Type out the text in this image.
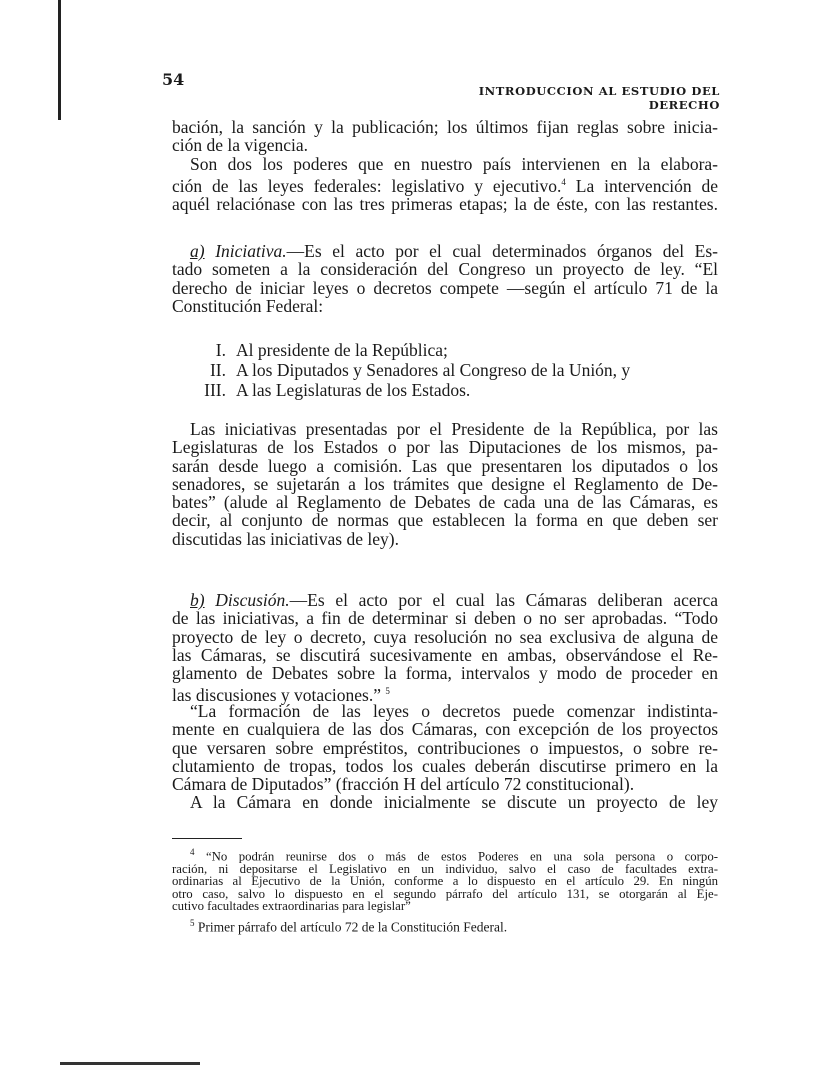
54
INTRODUCCION AL ESTUDIO DEL DERECHO
bación, la sanción y la publicación; los últimos fijan reglas sobre inicia-
ción de la vigencia.
Son dos los poderes que en nuestro país intervienen en la elabora-
ción de las leyes federales: legislativo y ejecutivo.$^4$ La intervención de
aquél relaciónase con las tres primeras etapas; la de éste, con las restantes.
a) Iniciativa.—Es el acto por el cual determinados órganos del Es-
tado someten a la consideración del Congreso un proyecto de ley. “El
derecho de iniciar leyes o decretos compete —según el artículo 71 de la
Constitución Federal:
I. Al presidente de la República;
II. A los Diputados y Senadores al Congreso de la Unión, y
III. A las Legislaturas de los Estados.
Las iniciativas presentadas por el Presidente de la República, por las
Legislaturas de los Estados o por las Diputaciones de los mismos, pa-
sarán desde luego a comisión. Las que presentaren los diputados o los
senadores, se sujetarán a los trámites que designe el Reglamento de De-
bates” (alude al Reglamento de Debates de cada una de las Cámaras, es
decir, al conjunto de normas que establecen la forma en que deben ser
discutidas las iniciativas de ley).
b) Discusión.—Es el acto por el cual las Cámaras deliberan acerca
de las iniciativas, a fin de determinar si deben o no ser aprobadas. “Todo
proyecto de ley o decreto, cuya resolución no sea exclusiva de alguna de
las Cámaras, se discutirá sucesivamente en ambas, observándose el Re-
glamento de Debates sobre la forma, intervalos y modo de proceder en
las discusiones y votaciones.” $^5$
“La formación de las leyes o decretos puede comenzar indistinta-
mente en cualquiera de las dos Cámaras, con excepción de los proyectos
que versaren sobre empréstitos, contribuciones o impuestos, o sobre re-
clutamiento de tropas, todos los cuales deberán discutirse primero en la
Cámara de Diputados” (fracción H del artículo 72 constitucional).
A la Cámara en donde inicialmente se discute un proyecto de ley
$^4$ “No podrán reunirse dos o más de estos Poderes en una sola persona o corpo-
ración, ni depositarse el Legislativo en un individuo, salvo el caso de facultades extra-
ordinarias al Ejecutivo de la Unión, conforme a lo dispuesto en el artículo 29. En ningún
otro caso, salvo lo dispuesto en el segundo párrafo del artículo 131, se otorgarán al Eje-
cutivo facultades extraordinarias para legislar”
$^5$ Primer párrafo del artículo 72 de la Constitución Federal.
